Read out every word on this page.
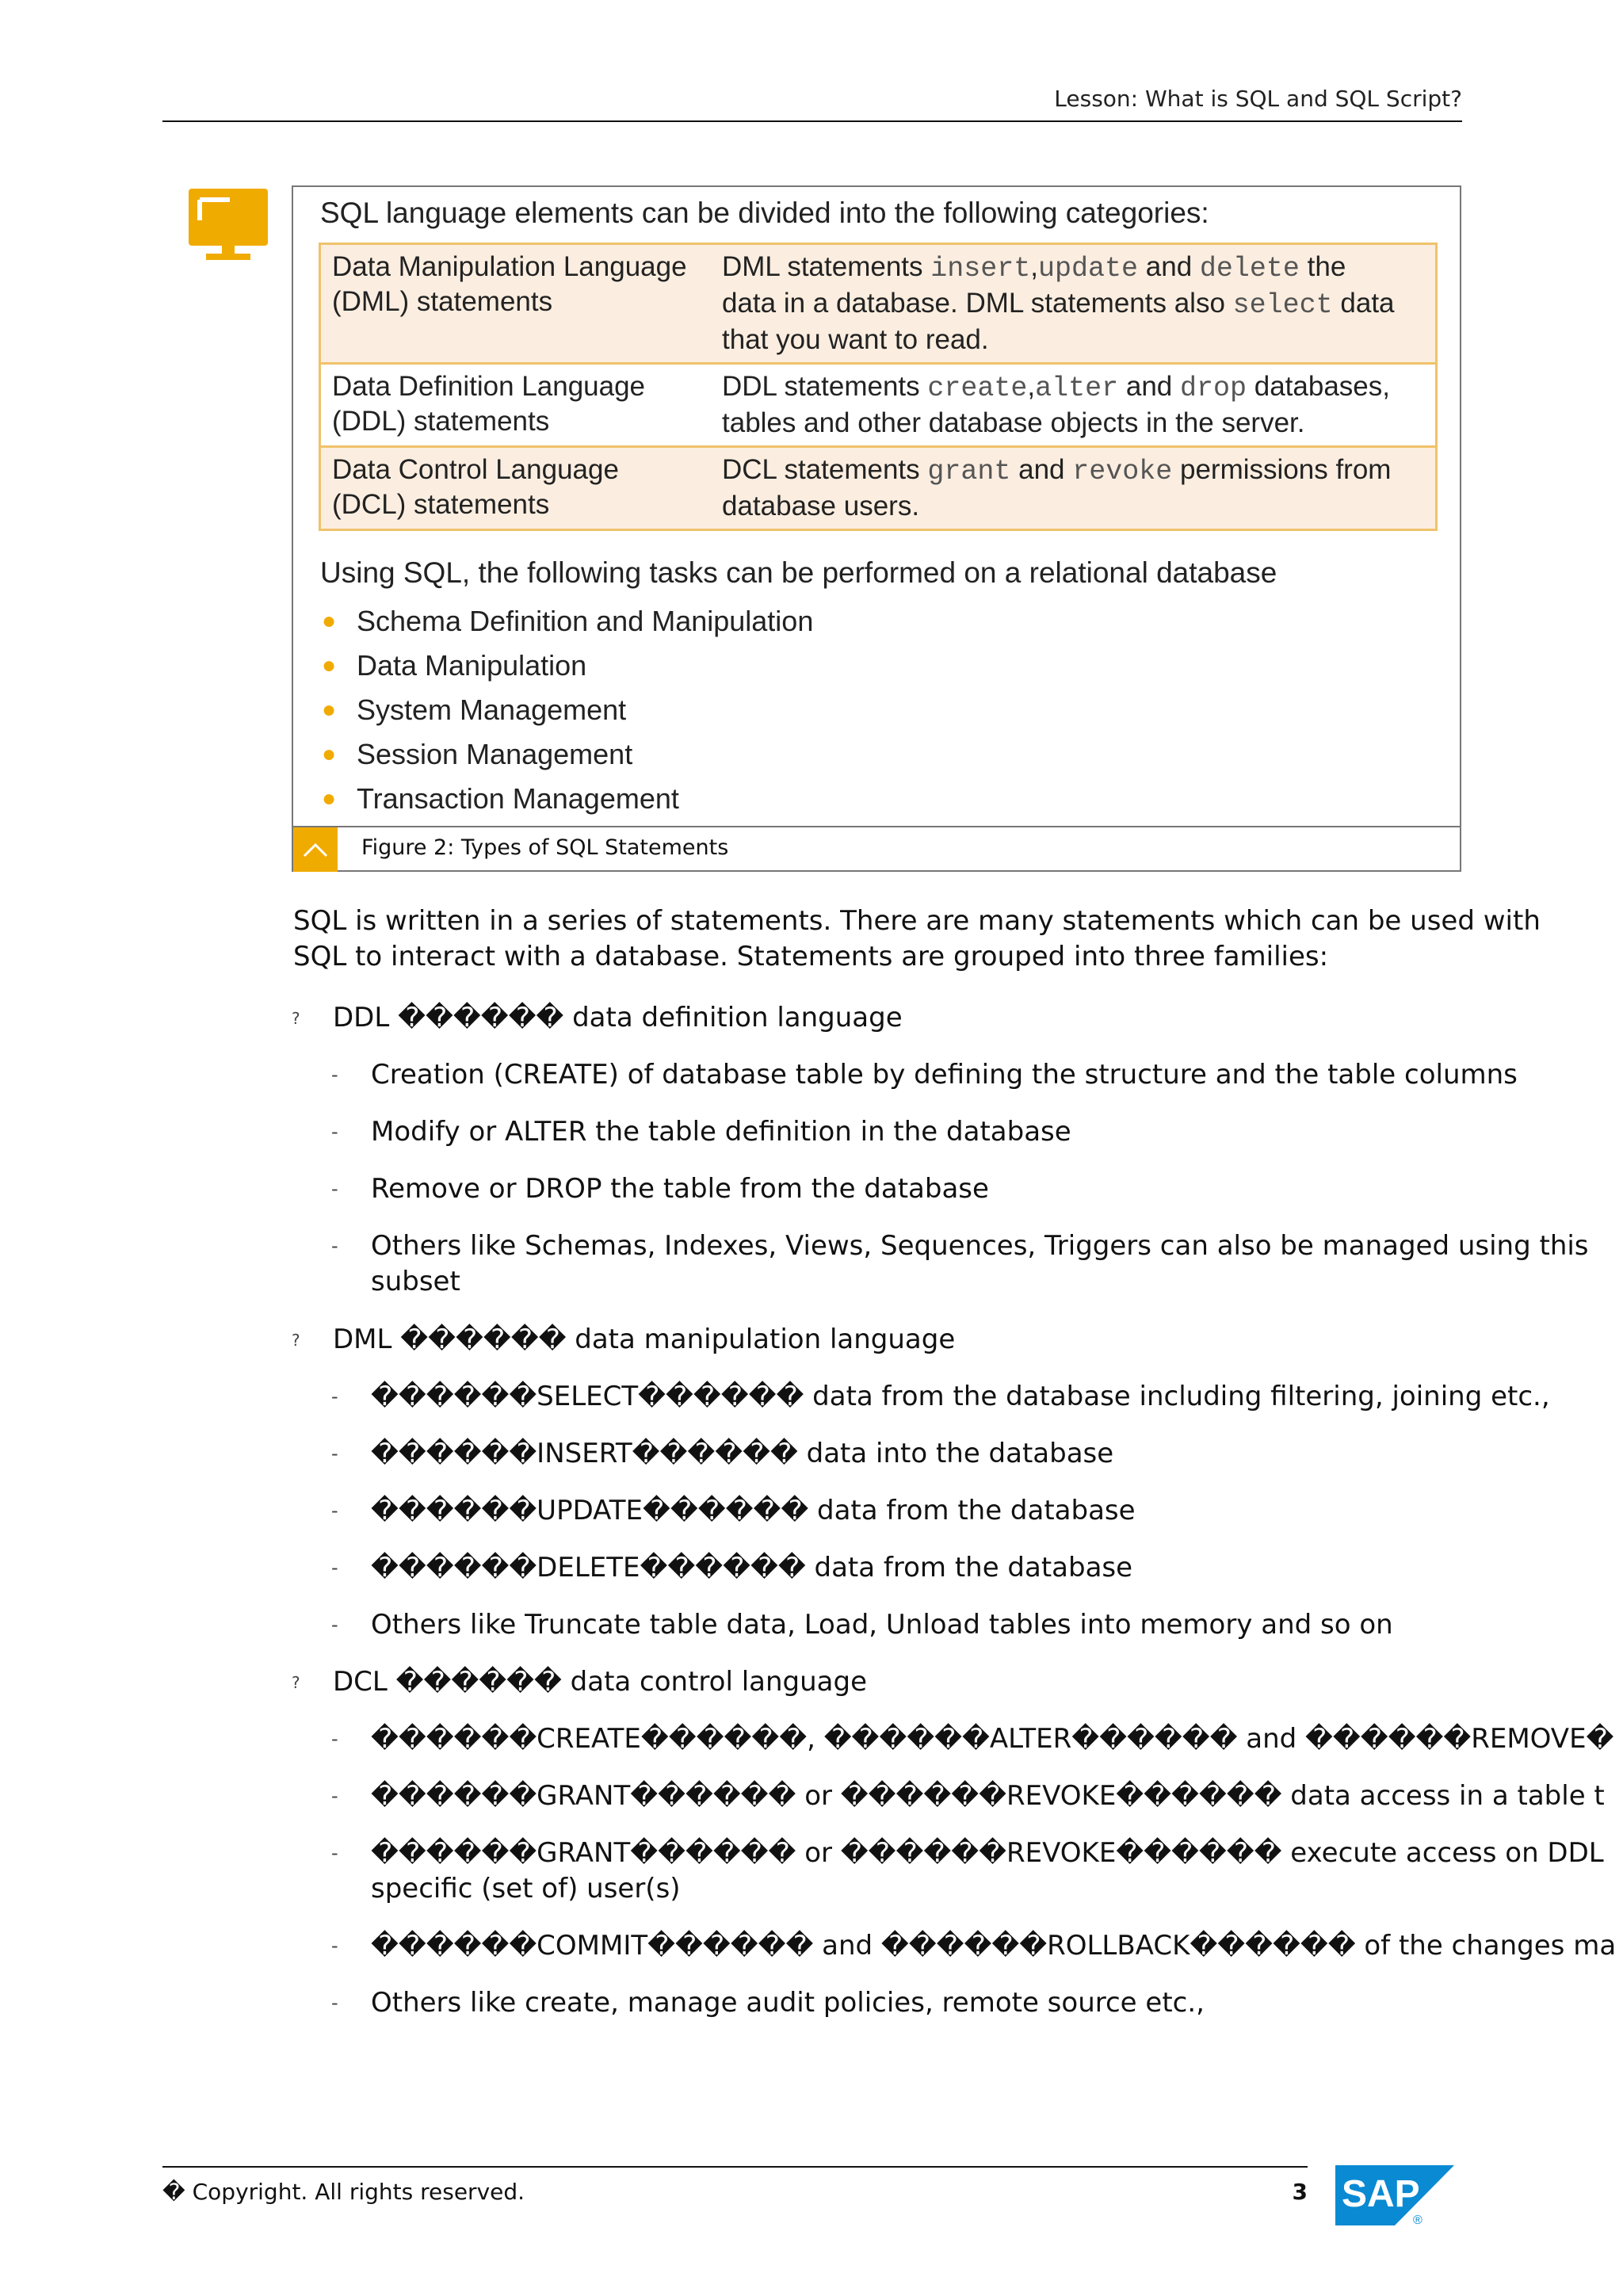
Lesson: What is SQL and SQL Script?
SQL language elements can be divided into the following categories:
Data Manipulation Language
(DML) statements
DML statements insert,update and delete the
data in a database. DML statements also select data
that you want to read.
Data Definition Language
(DDL) statements
DDL statements create,alter and drop databases,
tables and other database objects in the server.
Data Control Language
(DCL) statements
DCL statements grant and revoke permissions from
database users.
Using SQL, the following tasks can be performed on a relational database
● Schema Definition and Manipulation
● Data Manipulation
● System Management
● Session Management
● Transaction Management
Figure 2: Types of SQL Statements
SQL is written in a series of statements. There are many statements which can be used with SQL to interact with a database. Statements are grouped into three families:
? DDL ������ data definition language
- Creation (CREATE) of database table by defining the structure and the table columns
- Modify or ALTER the table definition in the database
- Remove or DROP the table from the database
- Others like Schemas, Indexes, Views, Sequences, Triggers can also be managed using this subset
? DML ������ data manipulation language
- ������SELECT������ data from the database including filtering, joining etc.,
- ������INSERT������ data into the database
- ������UPDATE������ data from the database
- ������DELETE������ data from the database
- Others like Truncate table data, Load, Unload tables into memory and so on
? DCL ������ data control language
- ������CREATE������, ������ALTER������ and ������REMOVE�
- ������GRANT������ or ������REVOKE������ data access in a table t
- ������GRANT������ or ������REVOKE������ execute access on DDL
specific (set of) user(s)
- ������COMMIT������ and ������ROLLBACK������ of the changes ma
- Others like create, manage audit policies, remote source etc.,
� Copyright. All rights reserved.	3 SAP
®
